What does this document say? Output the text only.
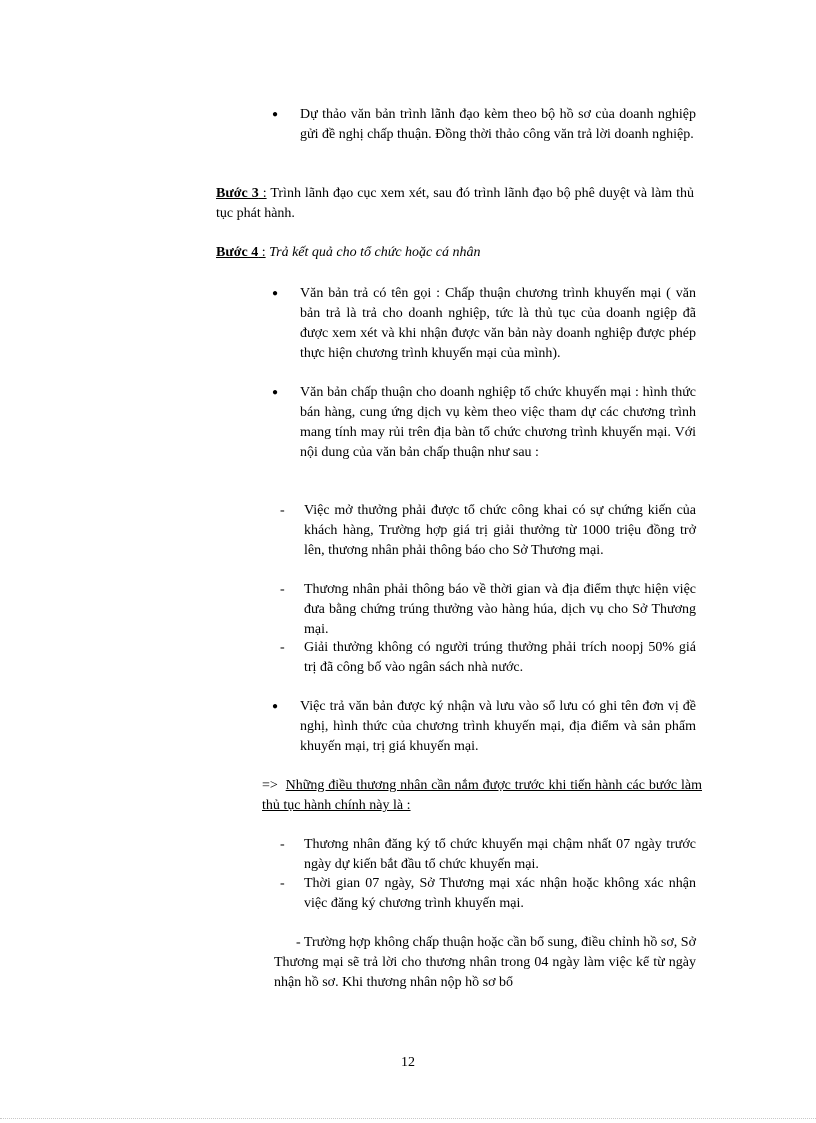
● Dự thảo văn bản trình lãnh đạo kèm theo bộ hồ sơ của doanh nghiệp gửi đề nghị chấp thuận. Đồng thời thảo công văn trả lời doanh nghiệp.

Bước 3 : Trình lãnh đạo cục xem xét, sau đó trình lãnh đạo bộ phê duyệt và làm thủ tục phát hành.

Bước 4 : Trả kết quả cho tổ chức hoặc cá nhân

● Văn bản trả có tên gọi : Chấp thuận chương trình khuyến mại ( văn bản trả là trả cho doanh nghiệp, tức là thủ tục của doanh ngiệp đã được xem xét và khi nhận được văn bản này doanh nghiệp được phép thực hiện chương trình khuyến mại của mình).

● Văn bản chấp thuận cho doanh nghiệp tổ chức khuyến mại : hình thức bán hàng, cung ứng dịch vụ kèm theo việc tham dự các chương trình mang tính may rủi trên địa bàn tổ chức chương trình khuyến mại. Với nội dung của văn bản chấp thuận như sau :

- Việc mở thưởng phải được tổ chức công khai có sự chứng kiến của khách hàng, Trường hợp giá trị giải thưởng từ 1000 triệu đồng trở lên, thương nhân phải thông báo cho Sở Thương mại.

- Thương nhân phải thông báo về thời gian và địa điểm thực hiện việc đưa bằng chứng trúng thưởng vào hàng húa, dịch vụ cho Sở Thương mại.

- Giải thưởng không có người trúng thưởng phải trích noopj 50% giá trị đã công bố vào ngân sách nhà nước.

● Việc trả văn bản được ký nhận và lưu vào sổ lưu có ghi tên đơn vị đề nghị, hình thức của chương trình khuyến mại, địa điểm và sản phẩm khuyến mại, trị giá khuyến mại.

=> Những điều thương nhân cần nắm được trước khi tiến hành các bước làm thủ tục hành chính này là :

- Thương nhân đăng ký tổ chức khuyến mại chậm nhất 07 ngày trước ngày dự kiến bắt đầu tổ chức khuyến mại.

- Thời gian 07 ngày, Sở Thương mại xác nhận hoặc không xác nhận việc đăng ký chương trình khuyến mại.

- Trường hợp không chấp thuận hoặc cần bổ sung, điều chỉnh hồ sơ, Sở Thương mại sẽ trả lời cho thương nhân trong 04 ngày làm việc kể từ ngày nhận hồ sơ. Khi thương nhân nộp hồ sơ bổ

12
